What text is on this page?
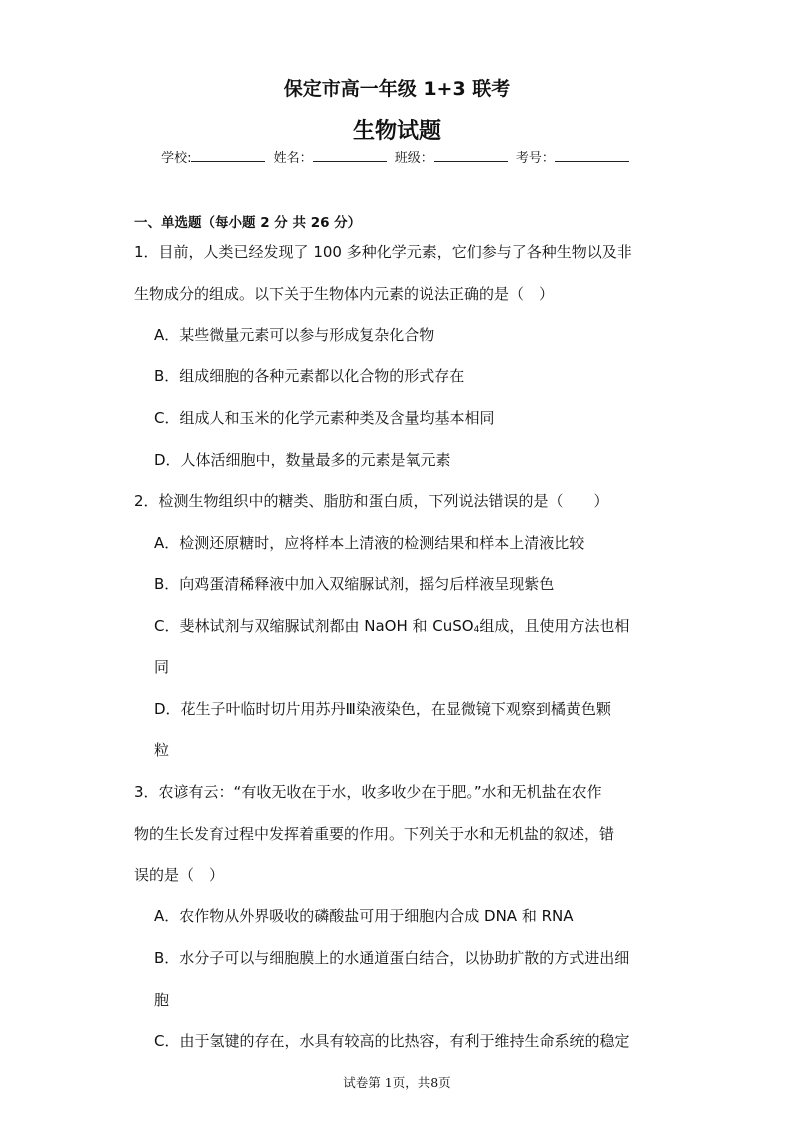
保定市高一年级 1+3 联考
生物试题
学校:	姓名：	班级：	考号：
一、单选题（每小题 2 分 共 26 分）
1．目前，人类已经发现了 100 多种化学元素，它们参与了各种生物以及非
生物成分的组成。以下关于生物体内元素的说法正确的是（　）
A．某些微量元素可以参与形成复杂化合物
B．组成细胞的各种元素都以化合物的形式存在
C．组成人和玉米的化学元素种类及含量均基本相同
D．人体活细胞中，数量最多的元素是氧元素
2．检测生物组织中的糖类、脂肪和蛋白质，下列说法错误的是（　　）
A．检测还原糖时，应将样本上清液的检测结果和样本上清液比较
B．向鸡蛋清稀释液中加入双缩脲试剂，摇匀后样液呈现紫色
C．斐林试剂与双缩脲试剂都由 NaOH 和 CuSO$_4$组成，且使用方法也相
同
D．花生子叶临时切片用苏丹Ⅲ染液染色，在显微镜下观察到橘黄色颗
粒
3．农谚有云：“有收无收在于水，收多收少在于肥。”水和无机盐在农作
物的生长发育过程中发挥着重要的作用。下列关于水和无机盐的叙述，错
误的是（　）
A．农作物从外界吸收的磷酸盐可用于细胞内合成 DNA 和 RNA
B．水分子可以与细胞膜上的水通道蛋白结合，以协助扩散的方式进出细
胞
C．由于氢键的存在，水具有较高的比热容，有利于维持生命系统的稳定
试卷第 1页，共8页
